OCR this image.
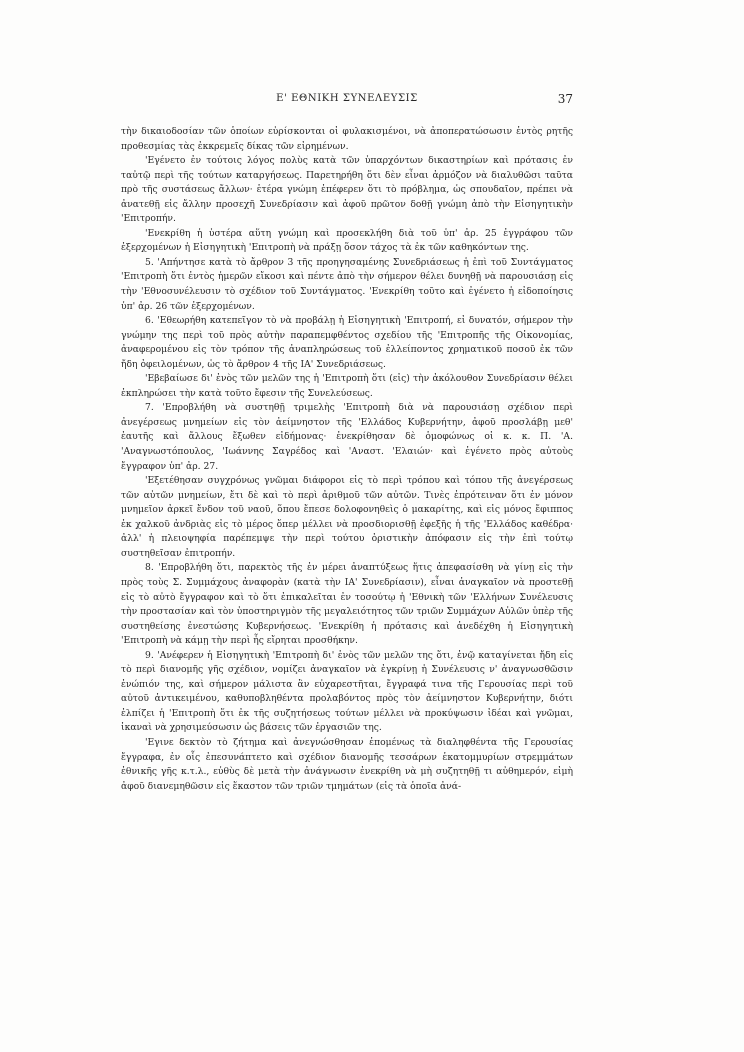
Ε' ΕΘΝΙΚΗ ΣΥΝΕΛΕΥΣΙΣ	37

τὴν δικαιοδοσίαν τῶν ὁποίων εὑρίσκονται οἱ φυλακισμένοι, νὰ ἀποπερατώσωσιν ἐντὸς ρητῆς προθεσμίας τὰς ἐκκρεμεῖς δίκας τῶν εἰρημένων.

'Εγένετο ἐν τούτοις λόγος πολὺς κατὰ τῶν ὑπαρχόντων δικαστηρίων καὶ πρότασις ἐν ταὐτῷ περὶ τῆς τούτων καταργήσεως. Παρετηρήθη ὅτι δὲν εἶναι ἁρμόζον νὰ διαλυθῶσι ταῦτα πρὸ τῆς συστάσεως ἄλλων· ἑτέρα γνώμη ἐπέφερεν ὅτι τὸ πρόβλημα, ὡς σπουδαῖον, πρέπει νὰ ἀνατεθῇ εἰς ἄλλην προσεχῆ Συνεδρίασιν καὶ ἀφοῦ πρῶτον δοθῇ γνώμη ἀπὸ τὴν Εἰσηγητικὴν 'Επιτροπήν.

'Ενεκρίθη ἡ ὑστέρα αὕτη γνώμη καὶ προσεκλήθη διὰ τοῦ ὑπ' ἀρ. 25 ἐγγράφου τῶν ἐξερχομένων ἡ Εἰσηγητικὴ 'Επιτροπὴ νὰ πράξῃ ὅσον τάχος τὰ ἐκ τῶν καθηκόντων της.

5. 'Απήντησε κατὰ τὸ ἄρθρον 3 τῆς προηγησαμένης Συνεδριάσεως ἡ ἐπὶ τοῦ Συντάγματος 'Επιτροπὴ ὅτι ἐντὸς ἡμερῶν εἴκοσι καὶ πέντε ἀπὸ τὴν σήμερον θέλει δυνηθῇ νὰ παρουσιάσῃ εἰς τὴν 'Εθνοσυνέλευσιν τὸ σχέδιον τοῦ Συντάγματος. 'Ενεκρίθη τοῦτο καὶ ἐγένετο ἡ εἰδοποίησις ὑπ' ἀρ. 26 τῶν ἐξερχομένων.

6. 'Εθεωρήθη κατεπεῖγον τὸ νὰ προβάλῃ ἡ Εἰσηγητικὴ 'Επιτροπή, εἰ δυνατόν, σήμερον τὴν γνώμην της περὶ τοῦ πρὸς αὐτὴν παραπεμφθέντος σχεδίου τῆς 'Επιτροπῆς τῆς Οἰκονομίας, ἀναφερομένου εἰς τὸν τρόπον τῆς ἀναπληρώσεως τοῦ ἐλλείποντος χρηματικοῦ ποσοῦ ἐκ τῶν ἤδη ὀφειλομένων, ὡς τὸ ἄρθρον 4 τῆς ΙΑ' Συνεδριάσεως.

'Εβεβαίωσε δι' ἑνὸς τῶν μελῶν της ἡ 'Επιτροπὴ ὅτι (εἰς) τὴν ἀκόλουθον Συνεδρίασιν θέλει ἐκπληρώσει τὴν κατὰ τοῦτο ἔφεσιν τῆς Συνελεύσεως.

7. 'Επροβλήθη νὰ συστηθῇ τριμελὴς 'Επιτροπὴ διὰ νὰ παρουσιάσῃ σχέδιον περὶ ἀνεγέρσεως μνημείων εἰς τὸν ἀείμνηστον τῆς 'Ελλάδος Κυβερνήτην, ἀφοῦ προσλάβῃ μεθ' ἑαυτῆς καὶ ἄλλους ἔξωθεν εἰδήμονας· ἐνεκρίθησαν δὲ ὁμοφώνως οἱ κ. κ. Π. 'Α. 'Αναγνωστόπουλος, 'Ιωάννης Σαγρέδος καὶ 'Αναστ. 'Ελαιών· καὶ ἐγένετο πρὸς αὐτοὺς ἔγγραφον ὑπ' ἀρ. 27.

'Εξετέθησαν συγχρόνως γνῶμαι διάφοροι εἰς τὸ περὶ τρόπου καὶ τόπου τῆς ἀνεγέρσεως τῶν αὐτῶν μνημείων, ἔτι δὲ καὶ τὸ περὶ ἀριθμοῦ τῶν αὐτῶν. Τινὲς ἐπρότειναν ὅτι ἐν μόνον μνημεῖον ἀρκεῖ ἔνδον τοῦ ναοῦ, ὅπου ἔπεσε δολοφονηθεὶς ὁ μακαρίτης, καὶ εἰς μόνος ἔφιππος ἐκ χαλκοῦ ἀνδριὰς εἰς τὸ μέρος ὅπερ μέλλει νὰ προσδιορισθῇ ἐφεξῆς ἡ τῆς 'Ελλάδος καθέδρα· ἀλλ' ἡ πλειοψηφία παρέπεμψε τὴν περὶ τούτου ὁριστικὴν ἀπόφασιν εἰς τὴν ἐπὶ τούτῳ συστηθεῖσαν ἐπιτροπήν.

8. 'Επροβλήθη ὅτι, παρεκτὸς τῆς ἐν μέρει ἀναπτύξεως ἥτις ἀπεφασίσθη νὰ γίνῃ εἰς τὴν πρὸς τοὺς Σ. Συμμάχους ἀναφορὰν (κατὰ τὴν ΙΑ' Συνεδρίασιν), εἶναι ἀναγκαῖον νὰ προστεθῇ εἰς τὸ αὐτὸ ἔγγραφον καὶ τὸ ὅτι ἐπικαλεῖται ἐν τοσούτῳ ἡ 'Εθνικὴ τῶν 'Ελλήνων Συνέλευσις τὴν προστασίαν καὶ τὸν ὑποστηριγμὸν τῆς μεγαλειότητος τῶν τριῶν Συμμάχων Αὐλῶν ὑπὲρ τῆς συστηθείσης ἐνεστώσης Κυβερνήσεως. 'Ενεκρίθη ἡ πρότασις καὶ ἀνεδέχθη ἡ Εἰσηγητικὴ 'Επιτροπὴ νὰ κάμῃ τὴν περὶ ἧς εἴρηται προσθήκην.

9. 'Ανέφερεν ἡ Εἰσηγητικὴ 'Επιτροπὴ δι' ἑνὸς τῶν μελῶν της ὅτι, ἐνῷ καταγίνεται ἤδη εἰς τὸ περὶ διανομῆς γῆς σχέδιον, νομίζει ἀναγκαῖον νὰ ἐγκρίνῃ ἡ Συνέλευσις ν' ἀναγνωσθῶσιν ἐνώπιόν της, καὶ σήμερον μάλιστα ἂν εὐχαρεστῆται, ἔγγραφά τινα τῆς Γερουσίας περὶ τοῦ αὐτοῦ ἀντικειμένου, καθυποβληθέντα προλαβόντος πρὸς τὸν ἀείμνηστον Κυβερνήτην, διότι ἐλπίζει ἡ 'Επιτροπὴ ὅτι ἐκ τῆς συζητήσεως τούτων μέλλει νὰ προκύψωσιν ἰδέαι καὶ γνῶμαι, ἱκαναὶ νὰ χρησιμεύσωσιν ὡς βάσεις τῶν ἐργασιῶν της.

'Εγινε δεκτὸν τὸ ζήτημα καὶ ἀνεγνώσθησαν ἐπομένως τὰ διαληφθέντα τῆς Γερουσίας ἔγγραφα, ἐν οἷς ἐπεσυνάπτετο καὶ σχέδιον διανομῆς τεσσάρων ἑκατομμυρίων στρεμμάτων ἐθνικῆς γῆς κ.τ.λ., εὐθὺς δὲ μετὰ τὴν ἀνάγνωσιν ἐνεκρίθη νὰ μὴ συζητηθῇ τι αὐθημερόν, εἰμὴ ἀφοῦ διανεμηθῶσιν εἰς ἕκαστον τῶν τριῶν τμημάτων (εἰς τὰ ὁποῖα ἀνά-
